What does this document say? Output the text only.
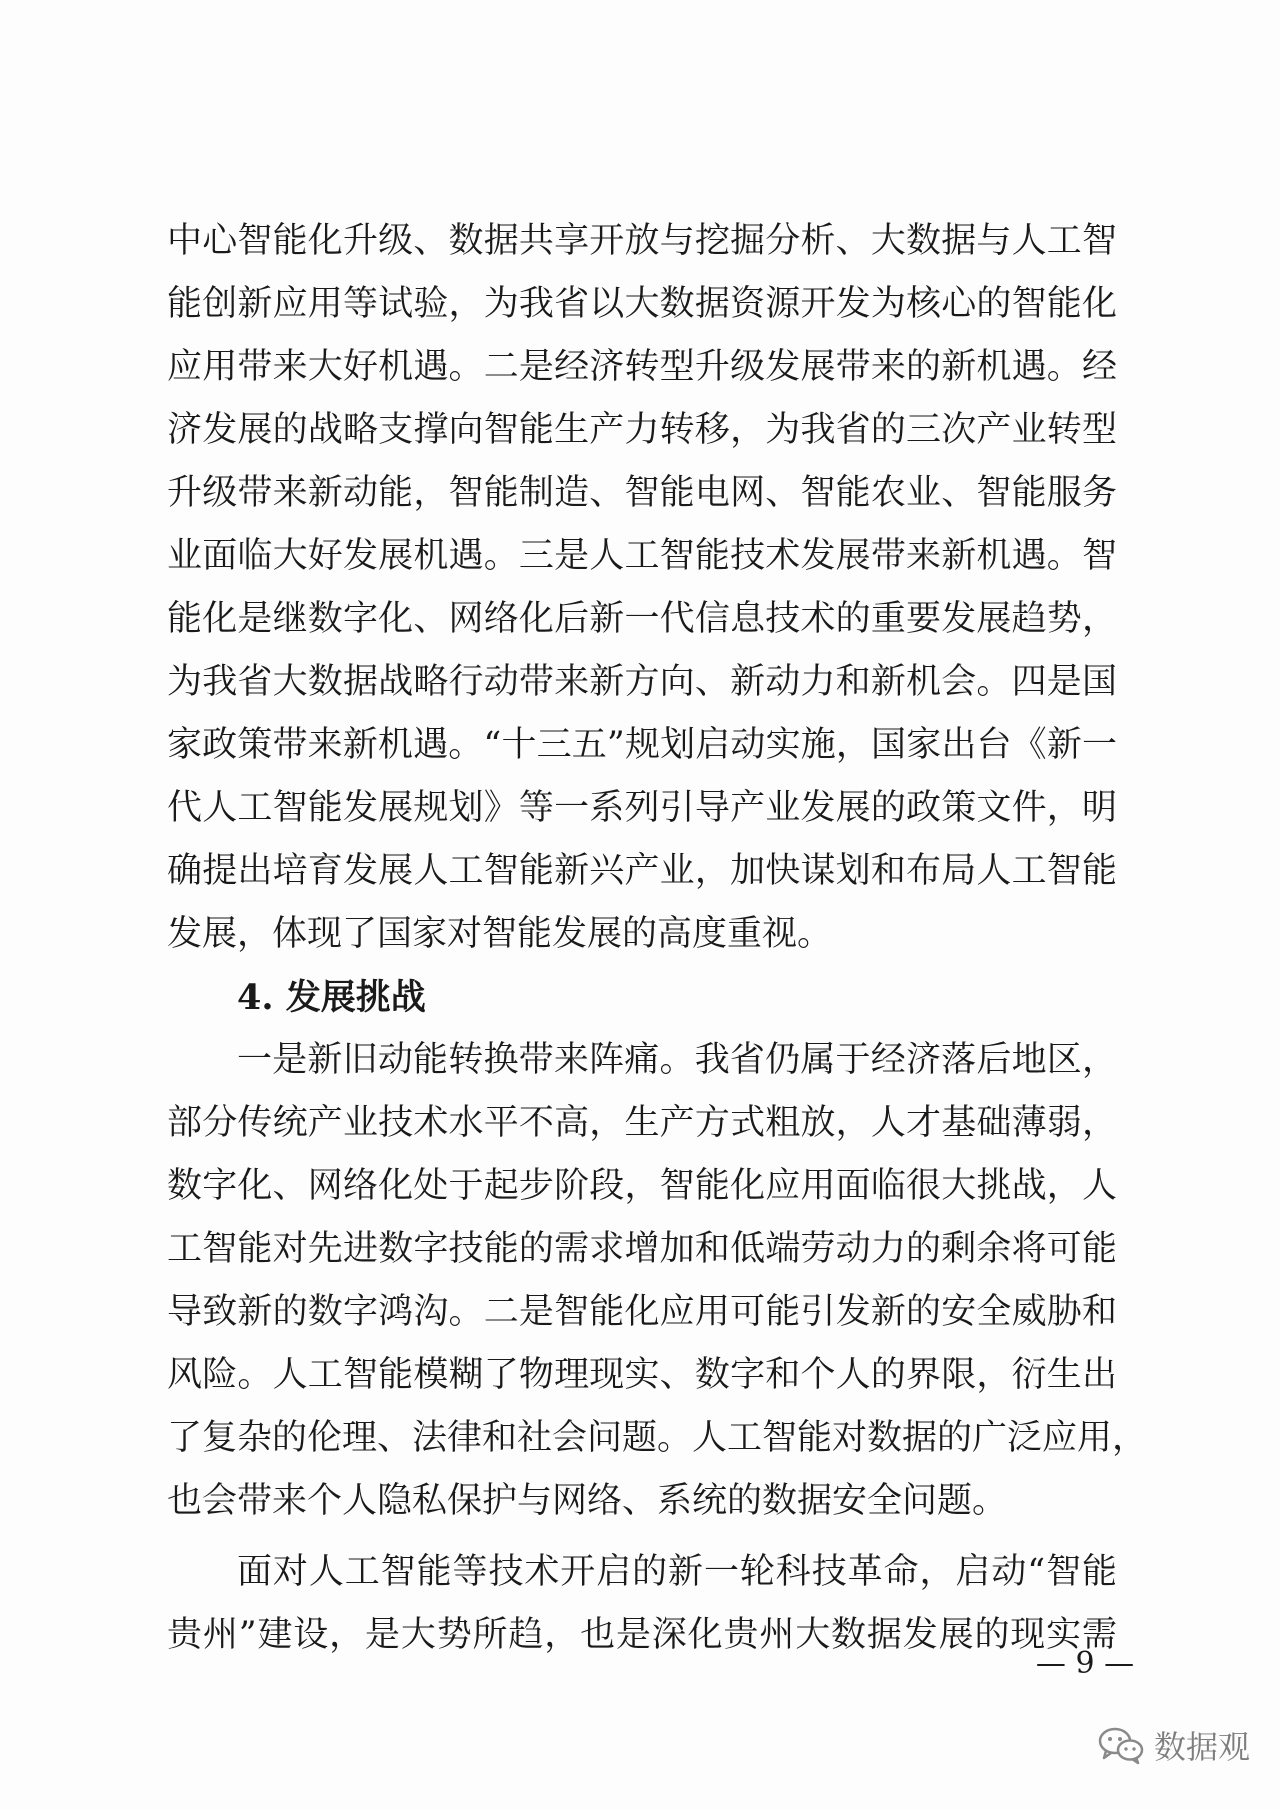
中心智能化升级、数据共享开放与挖掘分析、大数据与人工智
能创新应用等试验，为我省以大数据资源开发为核心的智能化
应用带来大好机遇。二是经济转型升级发展带来的新机遇。经
济发展的战略支撑向智能生产力转移，为我省的三次产业转型
升级带来新动能，智能制造、智能电网、智能农业、智能服务
业面临大好发展机遇。三是人工智能技术发展带来新机遇。智
能化是继数字化、网络化后新一代信息技术的重要发展趋势，
为我省大数据战略行动带来新方向、新动力和新机会。四是国
家政策带来新机遇。“十三五”规划启动实施，国家出台《新一
代人工智能发展规划》等一系列引导产业发展的政策文件，明
确提出培育发展人工智能新兴产业，加快谋划和布局人工智能
发展，体现了国家对智能发展的高度重视。
4. 发展挑战
一是新旧动能转换带来阵痛。我省仍属于经济落后地区，
部分传统产业技术水平不高，生产方式粗放，人才基础薄弱，
数字化、网络化处于起步阶段，智能化应用面临很大挑战，人
工智能对先进数字技能的需求增加和低端劳动力的剩余将可能
导致新的数字鸿沟。二是智能化应用可能引发新的安全威胁和
风险。人工智能模糊了物理现实、数字和个人的界限，衍生出
了复杂的伦理、法律和社会问题。人工智能对数据的广泛应用，
也会带来个人隐私保护与网络、系统的数据安全问题。
面对人工智能等技术开启的新一轮科技革命，启动“智能
贵州”建设，是大势所趋，也是深化贵州大数据发展的现实需
— 9 —
数据观
